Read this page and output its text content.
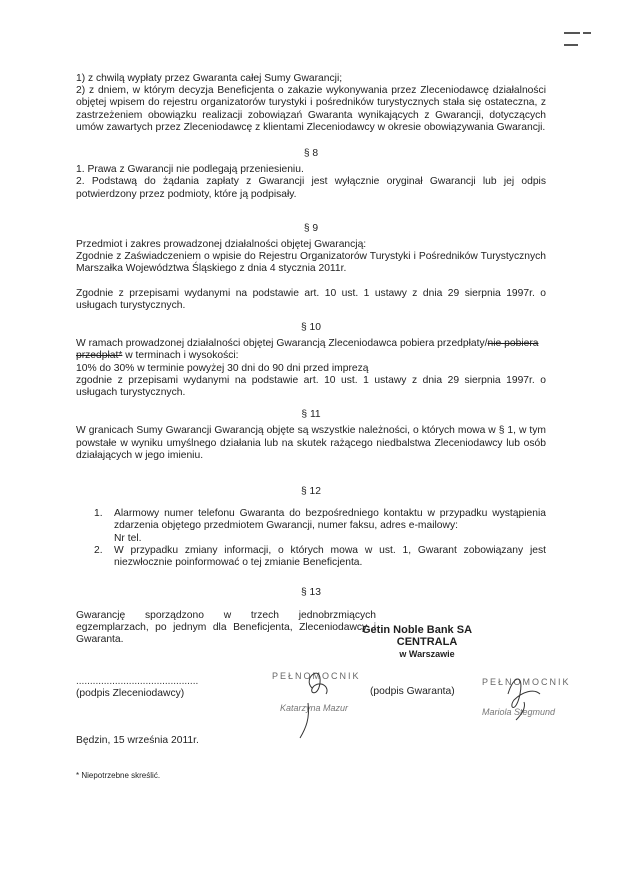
1) z chwilą wypłaty przez Gwaranta całej Sumy Gwarancji;

2) z dniem, w którym decyzja Beneficjenta o zakazie wykonywania przez Zleceniodawcę działalności objętej wpisem do rejestru organizatorów turystyki i pośredników turystycznych stała się ostateczna, z zastrzeżeniem obowiązku realizacji zobowiązań Gwaranta wynikających z Gwarancji, dotyczących umów zawartych przez Zleceniodawcę z klientami Zleceniodawcy w okresie obowiązywania Gwarancji.

§ 8

1. Prawa z Gwarancji nie podlegają przeniesieniu.

2. Podstawą do żądania zapłaty z Gwarancji jest wyłącznie oryginał Gwarancji lub jej odpis potwierdzony przez podmioty, które ją podpisały.

§ 9

Przedmiot i zakres prowadzonej działalności objętej Gwarancją:

Zgodnie z Zaświadczeniem o wpisie do Rejestru Organizatorów Turystyki i Pośredników Turystycznych Marszałka Województwa Śląskiego z dnia 4 stycznia 2011r.

Zgodnie z przepisami wydanymi na podstawie art. 10 ust. 1 ustawy z dnia 29 sierpnia 1997r. o usługach turystycznych.

§ 10

W ramach prowadzonej działalności objętej Gwarancją Zleceniodawca pobiera przedpłaty/nie pobiera przedpłat* w terminach i wysokości:

10% do 30% w terminie powyżej 30 dni do 90 dni przed imprezą

zgodnie z przepisami wydanymi na podstawie art. 10 ust. 1 ustawy z dnia 29 sierpnia 1997r. o usługach turystycznych.

§ 11

W granicach Sumy Gwarancji Gwarancją objęte są wszystkie należności, o których mowa w § 1, w tym powstałe w wyniku umyślnego działania lub na skutek rażącego niedbalstwa Zleceniodawcy lub osób działających w jego imieniu.

§ 12

1.	Alarmowy numer telefonu Gwaranta do bezpośredniego kontaktu w przypadku wystąpienia zdarzenia objętego przedmiotem Gwarancji, numer faksu, adres e-mailowy:
Nr tel.
2.	W przypadku zmiany informacji, o których mowa w ust. 1, Gwarant zobowiązany jest niezwłocznie poinformować o tej zmianie Beneficjenta.

§ 13

Gwarancję sporządzono w trzech jednobrzmiących egzemplarzach, po jednym dla Beneficjenta, Zleceniodawcy i Gwaranta.

Getin Noble Bank SA
CENTRALA
w Warszawie
............................................
(podpis Zleceniodawcy)
PEŁNOMOCNIK
Katarzyna Mazur
(podpis Gwaranta)
PEŁNOMOCNIK
Mariola Stegmund
Będzin, 15 września 2011r.
* Niepotrzebne skreślić.
